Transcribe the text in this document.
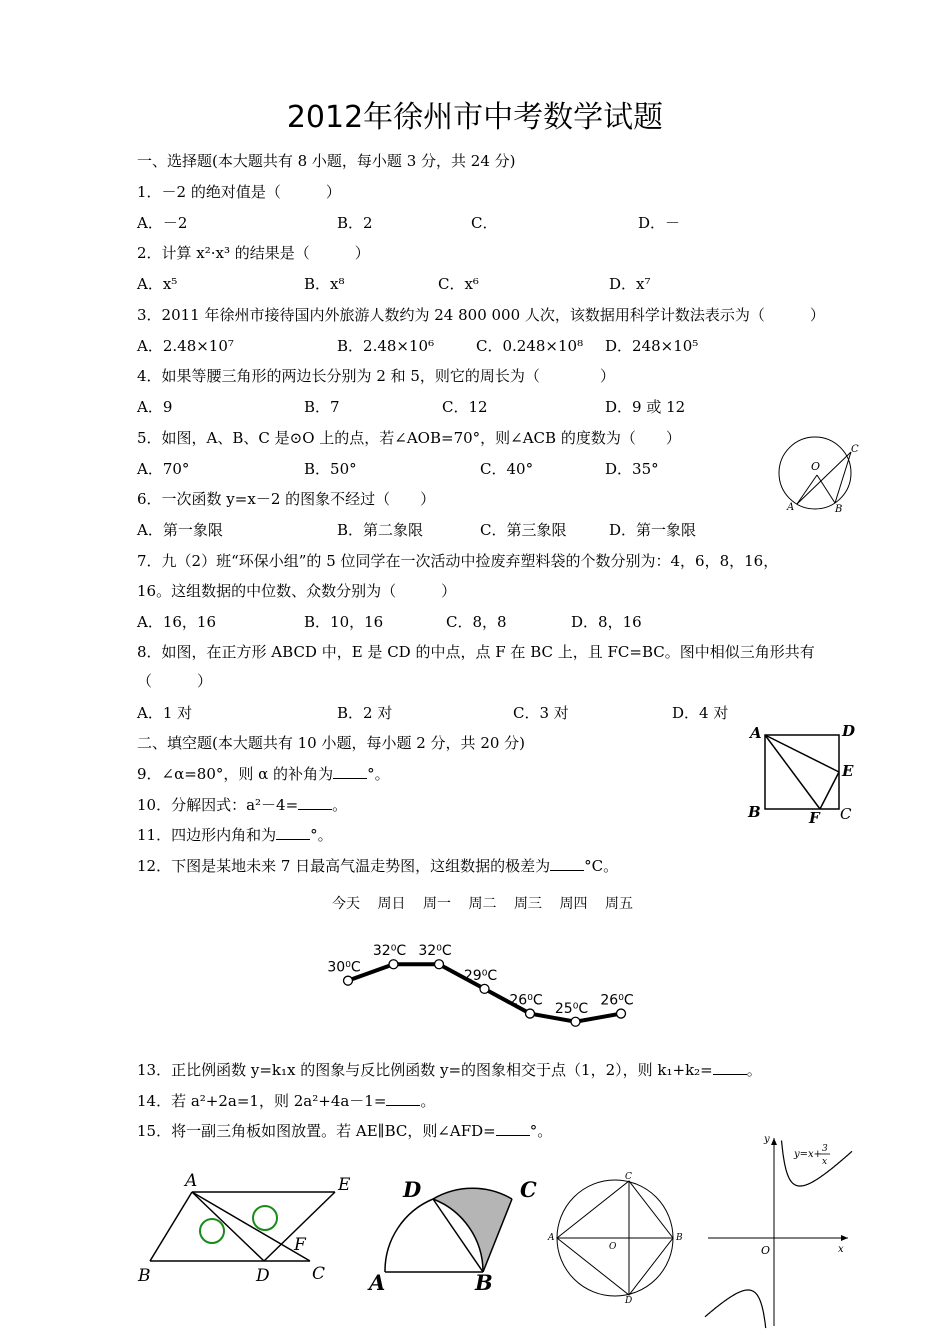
2012年徐州市中考数学试题
一、选择题(本大题共有 8 小题，每小题 3 分，共 24 分)
1．－2 的绝对值是（　　　）
A．－2	B．2	C．	D．－
2．计算 x²·x³ 的结果是（　　　）
A．x⁵	B．x⁸	C．x⁶	D．x⁷
3．2011 年徐州市接待国内外旅游人数约为 24 800 000 人次，该数据用科学计数法表示为（　　　）
A．2.48×10⁷	B．2.48×10⁶	C．0.248×10⁸ D．248×10⁵
4．如果等腰三角形的两边长分别为 2 和 5，则它的周长为（　　　　）
A．9	B．7	C．12	D．9 或 12
5．如图，A、B、C 是⊙O 上的点，若∠AOB=70°，则∠ACB 的度数为（　　）
A．70°	B．50°	C．40°	D．35°
6．一次函数 y=x－2 的图象不经过（　　）
A．第一象限	B．第二象限	C．第三象限	D．第一象限
7．九（2）班“环保小组”的 5 位同学在一次活动中捡废弃塑料袋的个数分别为：4，6，8，16，
16。这组数据的中位数、众数分别为（　　　）
A．16，16	B．10，16	C．8，8	D．8，16
8．如图，在正方形 ABCD 中，E 是 CD 的中点，点 F 在 BC 上，且 FC=BC。图中相似三角形共有
（　　　）
A．1 对	B．2 对	C．3 对	D．4 对
二、填空题(本大题共有 10 小题，每小题 2 分，共 20 分)
9．∠α=80°，则 α 的补角为 °。
10．分解因式：a²－4= 。
11．四边形内角和为 °。
12．下图是某地未来 7 日最高气温走势图，这组数据的极差为 °C。
今天 周日 周一 周二 周三 周四 周五
30⁰C
32⁰C 32⁰C
29⁰C
26⁰C
25⁰C
26⁰C
13．正比例函数 y=k₁x 的图象与反比例函数 y=的图象相交于点（1，2），则 k₁+k₂= 。
14．若 a²+2a=1，则 2a²+4a－1= 。
15．将一副三角板如图放置。若 AE∥BC，则∠AFD= °。
O
A	B
C
A	D
E
B	F C
A	E
B	D C
F
D	C
A	B
A	B
C
D
O
y
x
O
y=x+ 3
x
